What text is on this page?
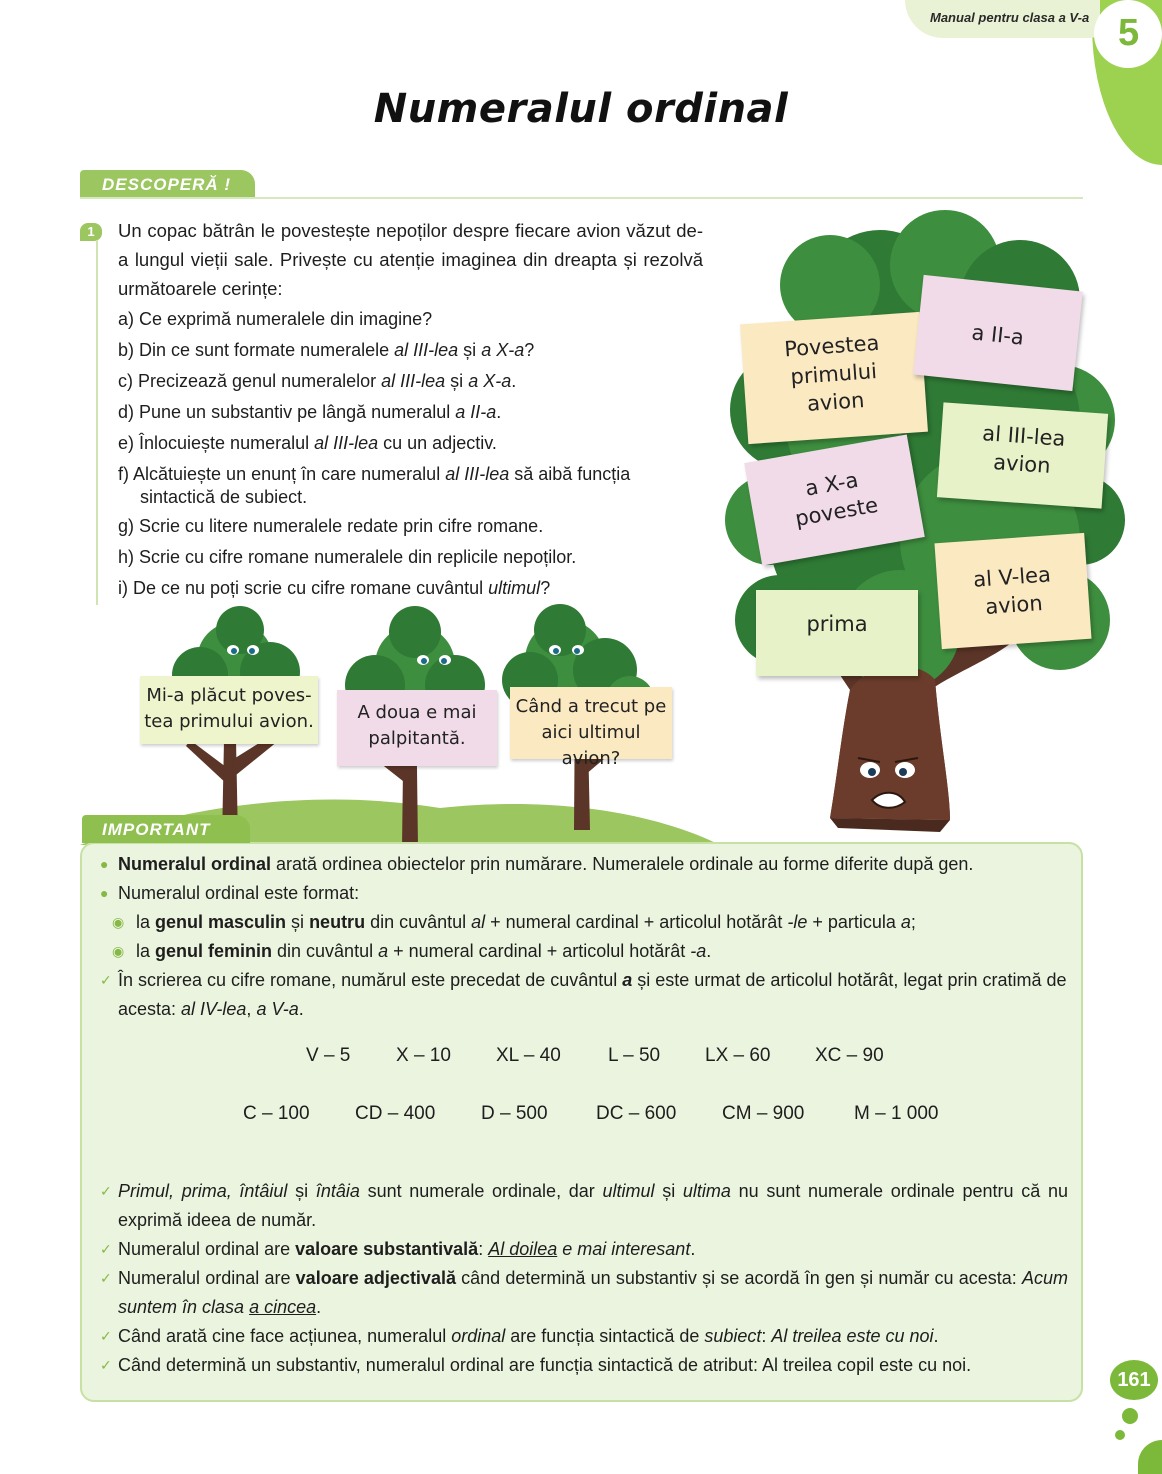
Manual pentru clasa a V-a 5
Numeralul ordinal
DESCOPERĂ !
1	Un copac bătrân le povestește nepoților despre fiecare avion văzut de-a lungul vieții sale. Privește cu atenție imaginea din dreapta și rezolvă următoarele cerințe:

a) Ce exprimă numeralele din imagine?
b) Din ce sunt formate numeralele al III-lea și a X-a?
c) Precizează genul numeralelor al III-lea și a X-a.
d) Pune un substantiv pe lângă numeralul a II-a.
e) Înlocuiește numeralul al III-lea cu un adjectiv.
f) Alcătuiește un enunț în care numeralul al III-lea să aibă funcția
sintactică de subiect.
g) Scrie cu litere numeralele redate prin cifre romane.
h) Scrie cu cifre romane numeralele din replicile nepoților.
i) De ce nu poți scrie cu cifre romane cuvântul ultimul?
Povestea
primului
avion
a II-a
al III-lea
avion
a X-a
poveste
al V-lea
avion
prima
Mi-a plăcut poves-
tea primului avion.	A doua e mai
palpitantă.
Când a trecut pe
aici ultimul avion?
IMPORTANT
● Numeralul ordinal arată ordinea obiectelor prin numărare. Numeralele ordinale au forme diferite după gen.
● Numeralul ordinal este format:
◉ la genul masculin și neutru din cuvântul al + numeral cardinal + articolul hotărât -le + particula a;
◉ la genul feminin din cuvântul a + numeral cardinal + articolul hotărât -a.
✓ În scrierea cu cifre romane, numărul este precedat de cuvântul a și este urmat de articolul hotărât, legat prin cratimă de acesta: al IV-lea, a V-a.
V – 5 X – 10 XL – 40 L – 50 LX – 60 XC – 90
C – 100 CD – 400 D – 500	DC – 600 CM – 900	M – 1 000
✓ Primul, prima, întâiul și întâia sunt numerale ordinale, dar ultimul și ultima nu sunt numerale ordinale pentru că nu exprimă ideea de număr.
✓ Numeralul ordinal are valoare substantivală: Al doilea e mai interesant.
✓ Numeralul ordinal are valoare adjectivală când determină un substantiv și se acordă în gen și număr cu acesta: Acum suntem în clasa a cincea.
✓ Când arată cine face acțiunea, numeralul ordinal are funcția sintactică de subiect: Al treilea este cu noi.
✓ Când determină un substantiv, numeralul ordinal are funcția sintactică de atribut: Al treilea copil este cu noi.
161
